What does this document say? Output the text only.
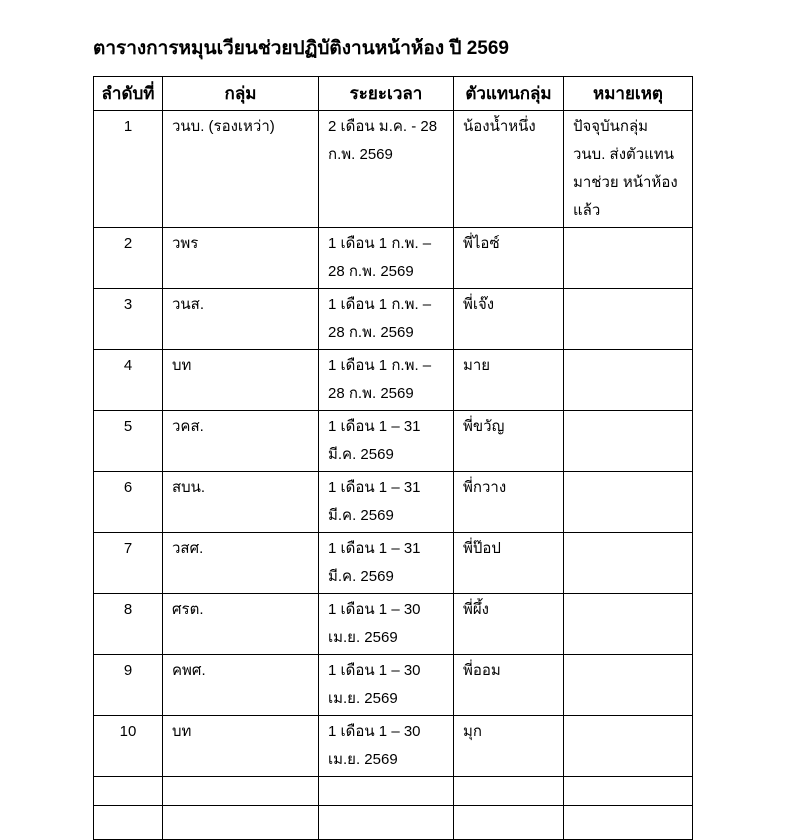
ตารางการหมุนเวียนช่วยปฏิบัติงานหน้าห้อง ปี 2569
ลำดับที่	กลุ่ม	ระยะเวลา	ตัวแทนกลุ่ม	หมายเหตุ
1	วนบ. (รองเหว่า)	2 เดือน ม.ค. - 28 ก.พ. 2569	น้องน้ำหนึ่ง	ปัจจุบันกลุ่ม วนบ. ส่งตัวแทนมาช่วย หน้าห้องแล้ว
2	วพร	1 เดือน 1 ก.พ. – 28 ก.พ. 2569	พี่ไอซ์	
3	วนส.	1 เดือน 1 ก.พ. – 28 ก.พ. 2569	พี่เจ๊ง	
4	บท	1 เดือน 1 ก.พ. – 28 ก.พ. 2569	มาย	
5	วคส.	1 เดือน 1 – 31 มี.ค. 2569	พี่ขวัญ	
6	สบน.	1 เดือน 1 – 31 มี.ค. 2569	พี่กวาง	
7	วสศ.	1 เดือน 1 – 31 มี.ค. 2569	พี่ป๊อป	
8	ศรต.	1 เดือน 1 – 30 เม.ย. 2569	พี่ผึ้ง	
9	คพศ.	1 เดือน 1 – 30 เม.ย. 2569	พี่ออม	
10	บท	1 เดือน 1 – 30 เม.ย. 2569	มุก	
